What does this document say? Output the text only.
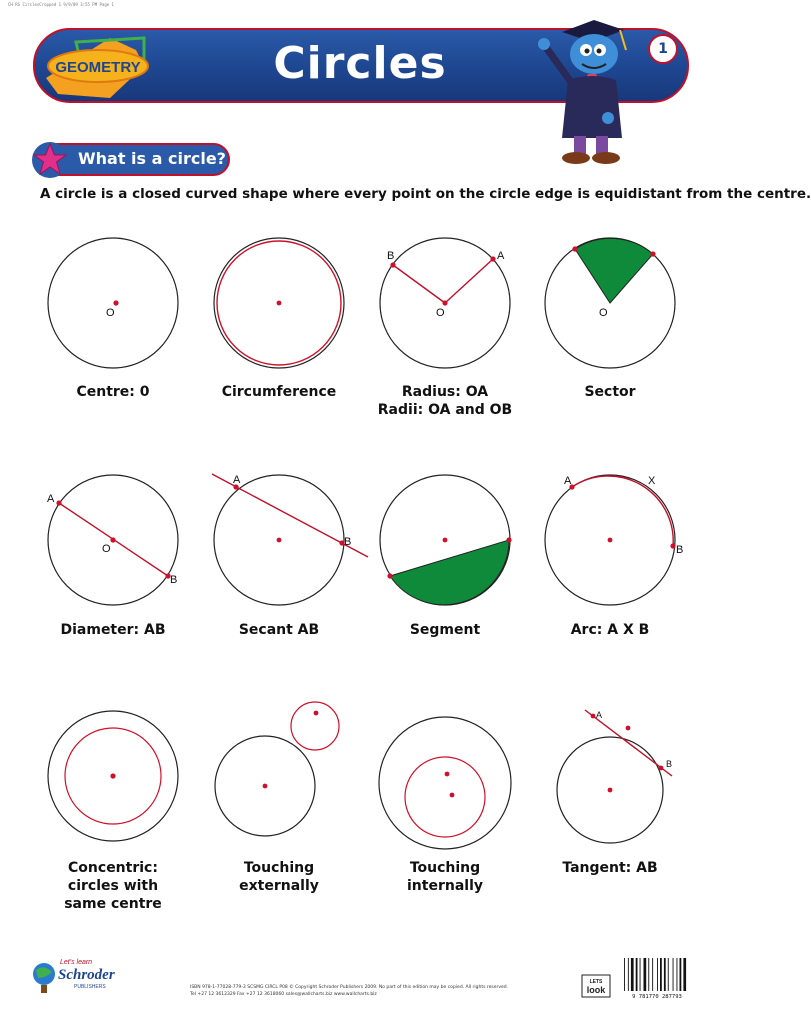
CH RS CirclesCropped 1 9/9/09 3:55 PM Page 1
GEOMETRY	Circles	1
What is a circle?
A circle is a closed curved shape where every point on the circle edge is equidistant from the centre.
O	O
B	A
O
A
O
B
A
B
A	X
B
A
B
Centre: 0	Circumference	Radius: OA
Radii: OA and OB
Sector
Diameter: AB	Secant AB	Segment	Arc: A X B
Concentric:
circles with
same centre
Touching
externally
Touching
internally
Tangent: AB
Let's learn
Schroder
PUBLISHERS	ISBN 978-1-77028-779-3 SCSMG CIRCL P08 © Copyright Schroder Publishers 2009. No part of this edition may be copied. All rights reserved.
Tel +27 12 3612329 Fax +27 12 3618060 sales@wallcharts.biz www.wallcharts.biz
LETS
look
9 781770 287793
